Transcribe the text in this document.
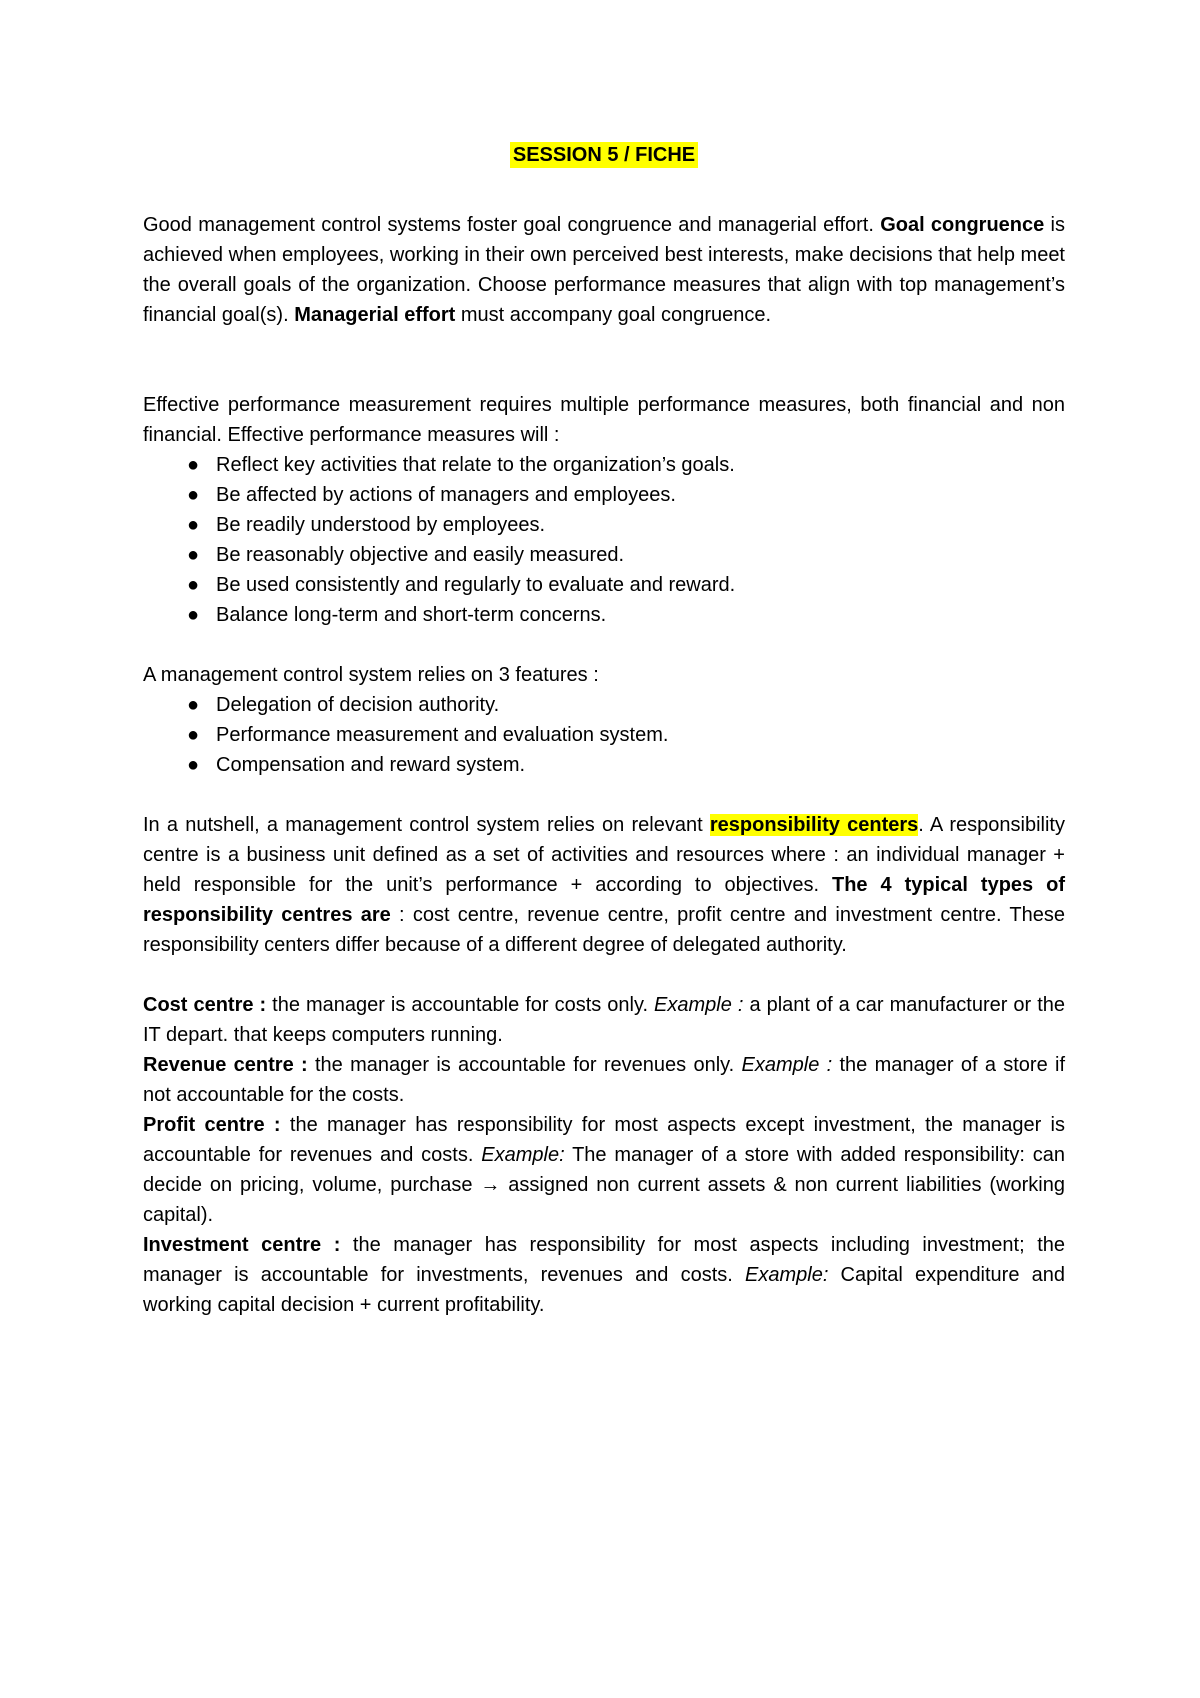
SESSION 5 / FICHE

Good management control systems foster goal congruence and managerial effort. Goal congruence is achieved when employees, working in their own perceived best interests, make decisions that help meet the overall goals of the organization. Choose performance measures that align with top management’s financial goal(s). Managerial effort must accompany goal congruence.

Effective performance measurement requires multiple performance measures, both financial and non financial. Effective performance measures will :

● Reflect key activities that relate to the organization’s goals.
● Be affected by actions of managers and employees.
● Be readily understood by employees.
● Be reasonably objective and easily measured.
● Be used consistently and regularly to evaluate and reward.
● Balance long-term and short-term concerns.

A management control system relies on 3 features :

● Delegation of decision authority.
● Performance measurement and evaluation system.
● Compensation and reward system.

In a nutshell, a management control system relies on relevant responsibility centers. A responsibility centre is a business unit defined as a set of activities and resources where : an individual manager + held responsible for the unit’s performance + according to objectives. The 4 typical types of responsibility centres are : cost centre, revenue centre, profit centre and investment centre. These responsibility centers differ because of a different degree of delegated authority.

Cost centre : the manager is accountable for costs only. Example : a plant of a car manufacturer or the IT depart. that keeps computers running.

Revenue centre : the manager is accountable for revenues only. Example : the manager of a store if not accountable for the costs.

Profit centre : the manager has responsibility for most aspects except investment, the manager is accountable for revenues and costs. Example: The manager of a store with added responsibility: can decide on pricing, volume, purchase → assigned non current assets & non current liabilities (working capital).

Investment centre : the manager has responsibility for most aspects including investment; the manager is accountable for investments, revenues and costs. Example: Capital expenditure and working capital decision + current profitability.
